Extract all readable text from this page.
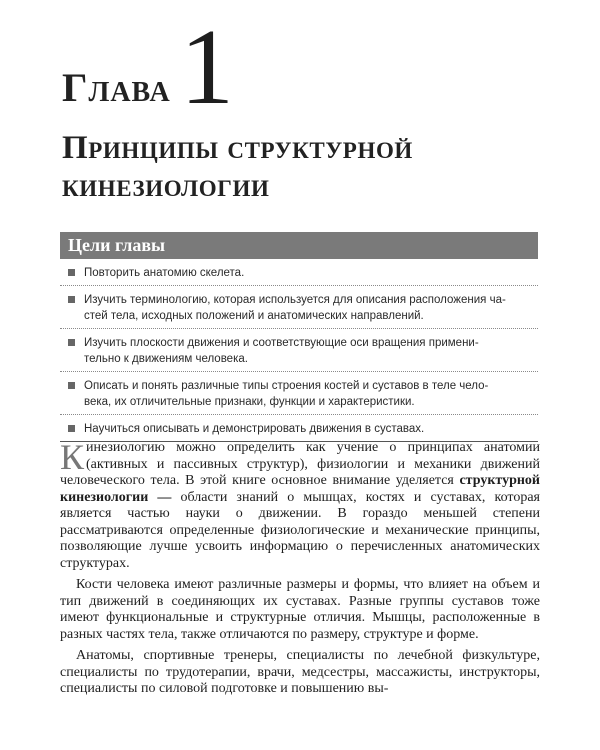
Глава 1
Принципы структурной
кинезиологии
Цели главы
Повторить анатомию скелета.
Изучить терминологию, которая используется для описания расположения ча-
стей тела, исходных положений и анатомических направлений.
Изучить плоскости движения и соответствующие оси вращения примени-
тельно к движениям человека.
Описать и понять различные типы строения костей и суставов в теле чело-
века, их отличительные признаки, функции и характеристики.
Научиться описывать и демонстрировать движения в суставах.

Кинезиологию можно определить как учение о принципах анатомии (активных и пассивных структур), физиологии и механики движений человеческого тела. В этой книге основное внимание уделяется структурной кинезиологии — области знаний о мышцах, костях и суставах, которая является частью науки о движении. В гораздо меньшей степени рассматриваются определенные физиологические и механические принципы, позволяющие лучше усвоить информацию о перечисленных анатомических структурах.

Кости человека имеют различные размеры и формы, что влияет на объем и тип движений в соединяющих их суставах. Разные группы суставов тоже имеют функциональные и структурные отличия. Мышцы, расположенные в разных частях тела, также отличаются по размеру, структуре и форме.

Анатомы, спортивные тренеры, специалисты по лечебной физкультуре, специалисты по трудотерапии, врачи, медсестры, массажисты, инструкторы, специалисты по силовой подготовке и повышению вы-
